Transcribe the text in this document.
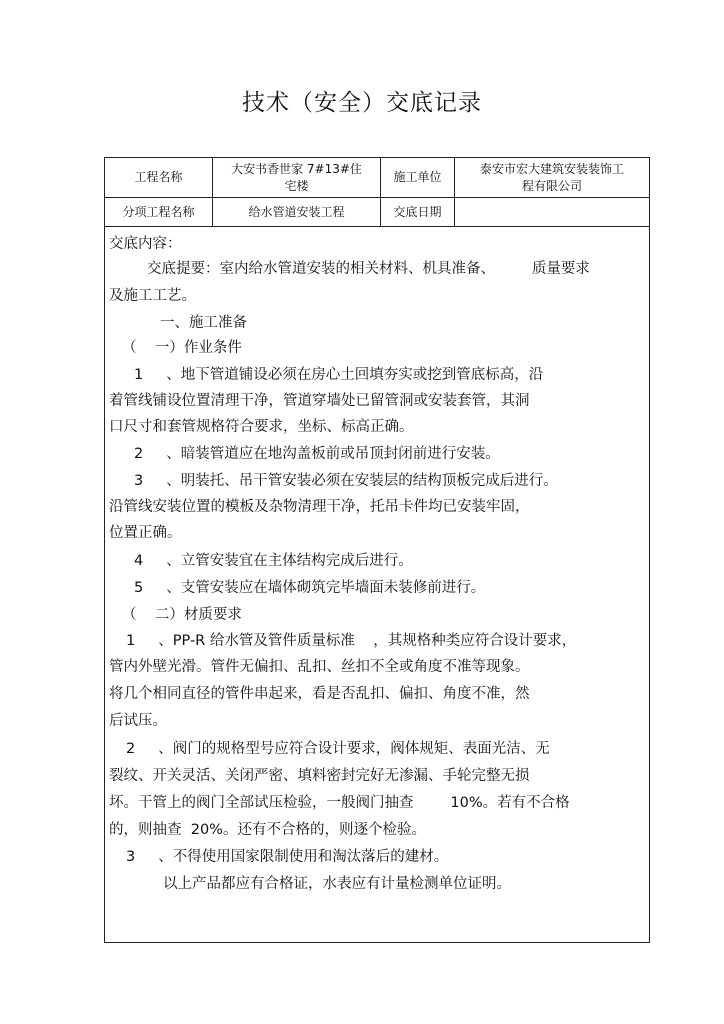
技术（安全）交底记录
工程名称
大安书香世家 7#13#住
宅楼
施工单位
泰安市宏大建筑安装装饰工
程有限公司
分项工程名称	给水管道安装工程	交底日期
交底内容：
交底提要：室内给水管道安装的相关材料、机具准备、        质量要求
及施工工艺。
一、施工准备
（    一）作业条件
1     、地下管道铺设必须在房心土回填夯实或挖到管底标高，沿
着管线铺设位置清理干净，管道穿墙处已留管洞或安装套管，其洞
口尺寸和套管规格符合要求，坐标、标高正确。
2     、暗装管道应在地沟盖板前或吊顶封闭前进行安装。
3     、明装托、吊干管安装必须在安装层的结构顶板完成后进行。
沿管线安装位置的模板及杂物清理干净，托吊卡件均已安装牢固，
位置正确。
4     、立管安装宜在主体结构完成后进行。
5     、支管安装应在墙体砌筑完毕墙面未装修前进行。
（    二）材质要求
1     、PP-R 给水管及管件质量标准    ，其规格种类应符合设计要求，
管内外壁光滑。管件无偏扣、乱扣、丝扣不全或角度不准等现象。
将几个相同直径的管件串起来，看是否乱扣、偏扣、角度不准，然
后试压。
2     、阀门的规格型号应符合设计要求，阀体规矩、表面光洁、无
裂纹、开关灵活、关闭严密、填料密封完好无渗漏、手轮完整无损
坏。干管上的阀门全部试压检验，一般阀门抽查        10%。若有不合格
的，则抽查  20%。还有不合格的，则逐个检验。
3     、不得使用国家限制使用和淘汰落后的建材。
以上产品都应有合格证，水表应有计量检测单位证明。
